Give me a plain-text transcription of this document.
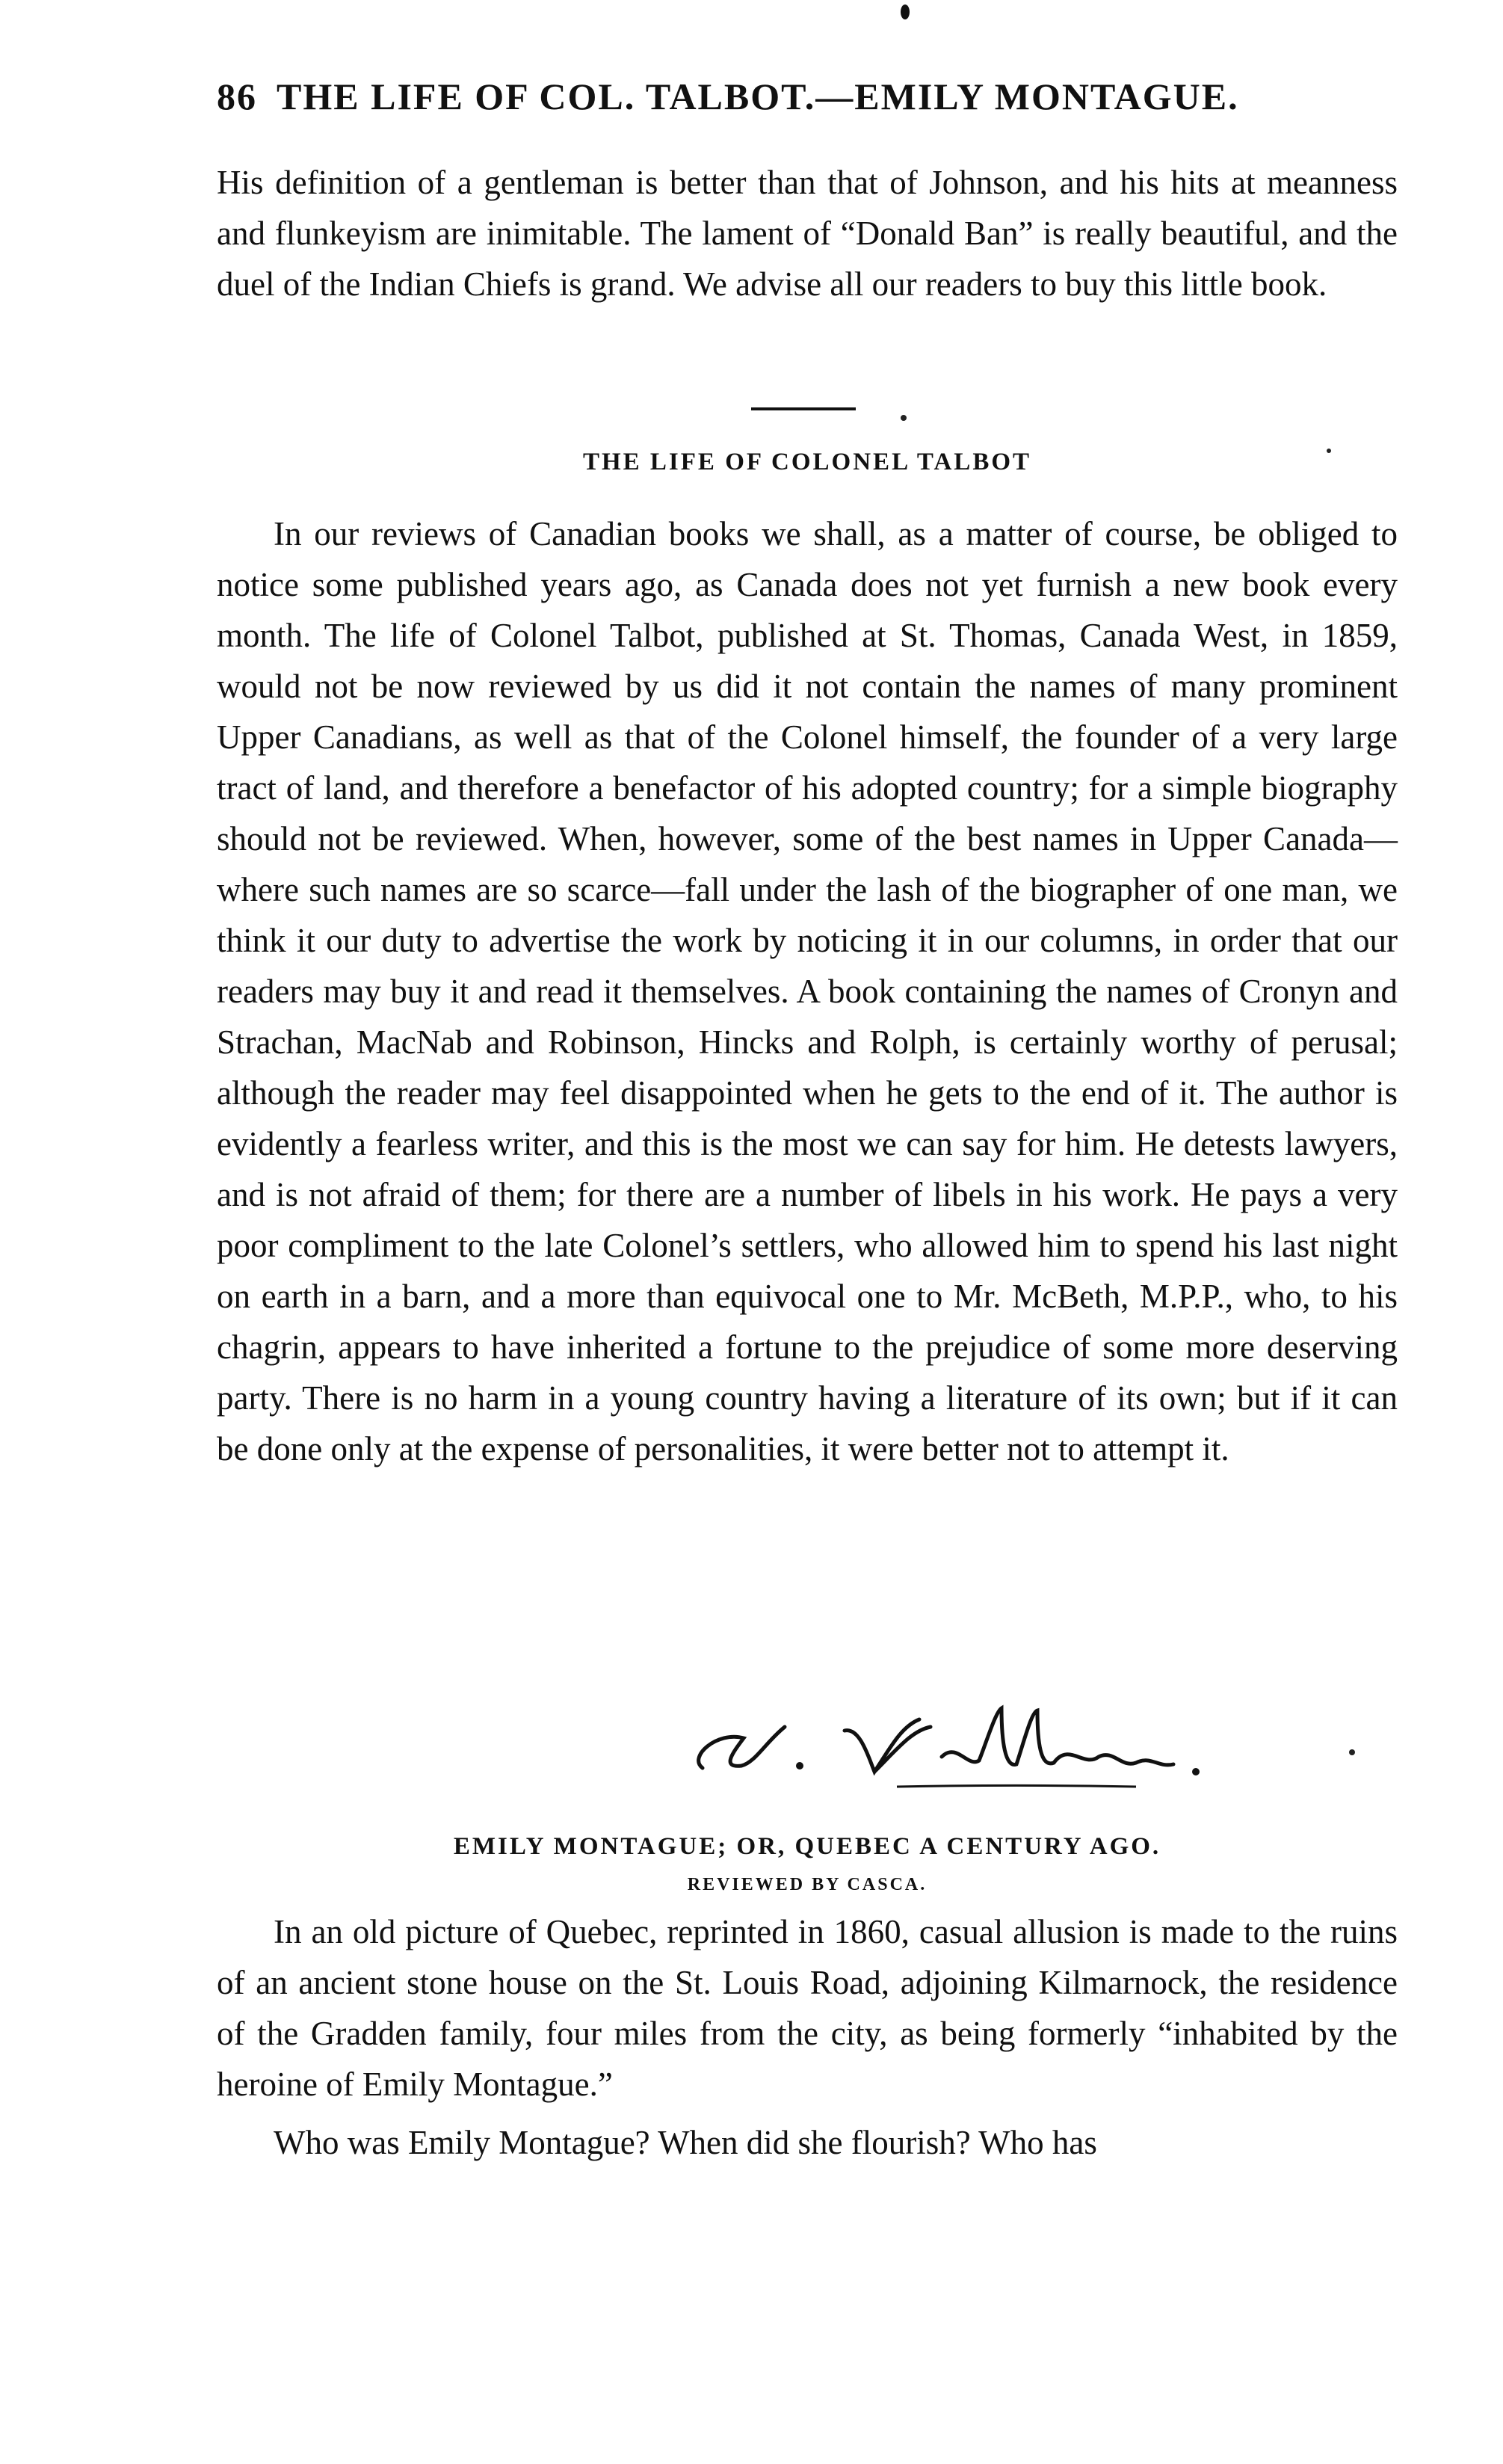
86 THE LIFE OF COL. TALBOT.—EMILY MONTAGUE.

His definition of a gentleman is better than that of Johnson, and his hits at meanness and flunkeyism are inimitable. The lament of “Donald Ban” is really beautiful, and the duel of the Indian Chiefs is grand. We advise all our readers to buy this little book.

THE LIFE OF COLONEL TALBOT

In our reviews of Canadian books we shall, as a matter of course, be obliged to notice some published years ago, as Canada does not yet furnish a new book every month. The life of Colonel Talbot, published at St. Thomas, Canada West, in 1859, would not be now reviewed by us did it not contain the names of many prominent Upper Canadians, as well as that of the Colonel himself, the founder of a very large tract of land, and therefore a benefactor of his adopted country; for a simple biography should not be reviewed. When, however, some of the best names in Upper Canada—where such names are so scarce—fall under the lash of the biographer of one man, we think it our duty to advertise the work by noticing it in our columns, in order that our readers may buy it and read it themselves. A book containing the names of Cronyn and Strachan, MacNab and Robinson, Hincks and Rolph, is certainly worthy of perusal; although the reader may feel disappointed when he gets to the end of it. The author is evidently a fearless writer, and this is the most we can say for him. He detests lawyers, and is not afraid of them; for there are a number of libels in his work. He pays a very poor compliment to the late Colonel’s settlers, who allowed him to spend his last night on earth in a barn, and a more than equivocal one to Mr. McBeth, M.P.P., who, to his chagrin, appears to have inherited a fortune to the prejudice of some more deserving party. There is no harm in a young country having a literature of its own; but if it can be done only at the expense of personalities, it were better not to attempt it.

EMILY MONTAGUE; OR, QUEBEC A CENTURY AGO.
REVIEWED BY CASCA.

In an old picture of Quebec, reprinted in 1860, casual allusion is made to the ruins of an ancient stone house on the St. Louis Road, adjoining Kilmarnock, the residence of the Gradden family, four miles from the city, as being formerly “inhabited by the heroine of Emily Montague.”

Who was Emily Montague? When did she flourish? Who has
